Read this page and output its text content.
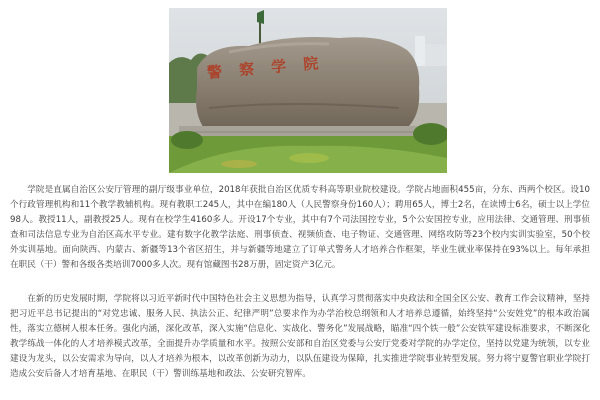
警 察 学 院

学院是直属自治区公安厅管理的副厅级事业单位，2018年获批自治区优质专科高等职业院校建设。学院占地面积455亩，分东、西两个校区。设10个行政管理机构和11个教学教辅机构。现有教职工245人，其中在编180人（人民警察身份160人）；聘用65人，博士2名，在读博士6名，硕士以上学位98人。教授11人，副教授25人。现有在校学生4160多人。开设17个专业，其中有7个司法国控专业，5个公安国控专业，应用法律、交通管理、刑事侦查和司法信息专业为自治区高水平专业。建有数字化教学法庭、刑事侦查、视频侦查、电子物证、交通管理、网络攻防等23个校内实训实验室，50个校外实训基地。面向陕西、内蒙古、新疆等13个省区招生，并与新疆等地建立了订单式警务人才培养合作框架，毕业生就业率保持在93%以上。每年承担在职民（干）警和各级各类培训7000多人次。现有馆藏图书28万册，固定资产3亿元。

在新的历史发展时期，学院将以习近平新时代中国特色社会主义思想为指导，认真学习贯彻落实中央政法和全国全区公安、教育工作会议精神，坚持把习近平总书记提出的“对党忠诚、服务人民、执法公正、纪律严明”总要求作为办学治校总纲领和人才培养总遵循，始终坚持“公安姓党”的根本政治属性，落实立德树人根本任务。强化内涵，深化改革，深入实施“信息化、实战化、警务化”发展战略，瞄准“四个铁一般”公安铁军建设标准要求，不断深化教学练战一体化的人才培养模式改革，全面提升办学质量和水平。按照公安部和自治区党委与公安厅党委对学院的办学定位，坚持以党建为统领，以专业建设为龙头，以公安需求为导向，以人才培养为根本，以改革创新为动力，以队伍建设为保障，扎实推进学院事业转型发展。努力将宁夏警官职业学院打造成公安后备人才培育基地、在职民（干）警训练基地和政法、公安研究智库。
